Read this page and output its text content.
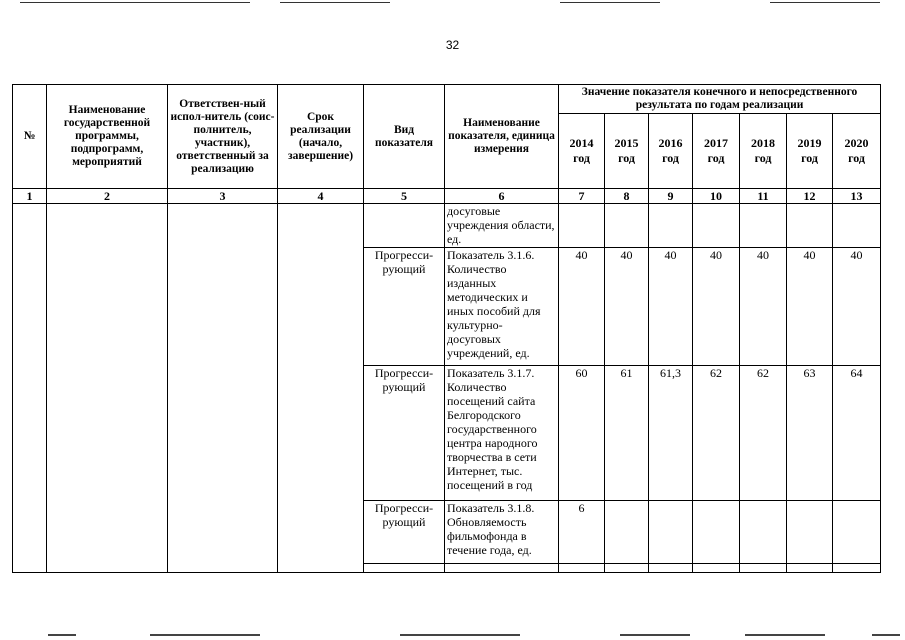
32
№	Наименование государственной программы, подпрограмм, мероприятий	Ответствен-ный испол-нитель (соис-полнитель, участник), ответственный за реализацию	Срок реализации (начало, завершение)	Вид показателя	Наименование показателя, единица измерения	Значение показателя конечного и непосредственного результата по годам реализации						
						2014 год	2015 год	2016 год	2017 год	2018 год	2019 год	2020 год
1	2	3	4	5	6	7	8	9	10	11	12	13
					досуговые учреждения области, ед.							
				Прогресси-рующий	Показатель 3.1.6. Количество изданных методических и иных пособий для культурно-досуговых учреждений, ед.	40	40	40	40	40	40	40
				Прогресси-рующий	Показатель 3.1.7. Количество посещений сайта Белгородского государственного центра народного творчества в сети Интернет, тыс. посещений в год	60	61	61,3	62	62	63	64
				Прогресси-рующий	Показатель 3.1.8. Обновляемость фильмофонда в течение года, ед.	6						
